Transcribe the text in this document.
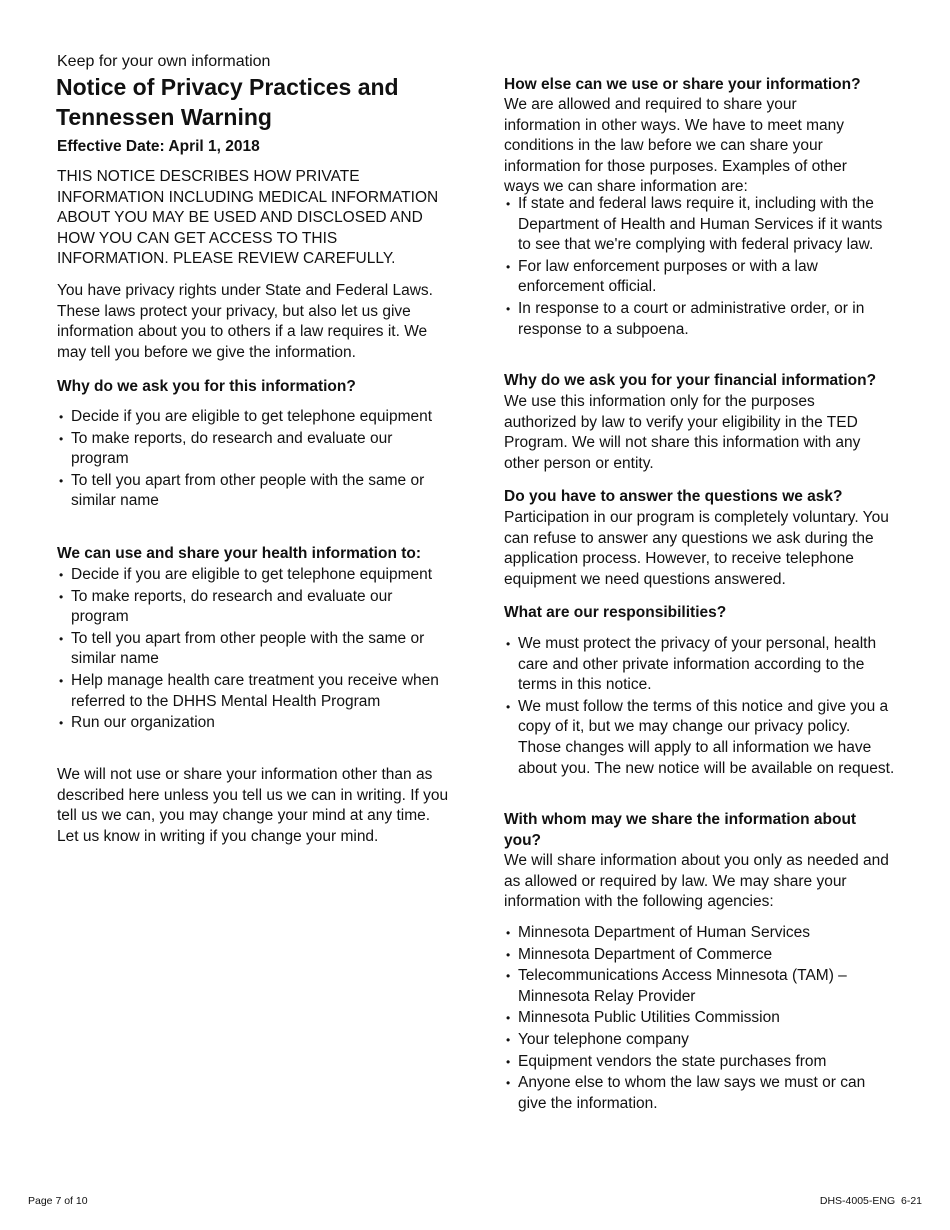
Keep for your own information
Notice of Privacy Practices and
Tennessen Warning
Effective Date: April 1, 2018

THIS NOTICE DESCRIBES HOW PRIVATE INFORMATION INCLUDING MEDICAL INFORMATION ABOUT YOU MAY BE USED AND DISCLOSED AND HOW YOU CAN GET ACCESS TO THIS INFORMATION. PLEASE REVIEW CAREFULLY.

You have privacy rights under State and Federal Laws. These laws protect your privacy, but also let us give information about you to others if a law requires it. We may tell you before we give the information.

Why do we ask you for this information?
• Decide if you are eligible to get telephone equipment
• To make reports, do research and evaluate our program
• To tell you apart from other people with the same or similar name
We can use and share your health information to:
• Decide if you are eligible to get telephone equipment
• To make reports, do research and evaluate our program
• To tell you apart from other people with the same or similar name
• Help manage health care treatment you receive when referred to the DHHS Mental Health Program
• Run our organization

We will not use or share your information other than as described here unless you tell us we can in writing. If you tell us we can, you may change your mind at any time. Let us know in writing if you change your mind.

How else can we use or share your information?

We are allowed and required to share your information in other ways. We have to meet many conditions in the law before we can share your information for those purposes. Examples of other ways we can share information are:

• If state and federal laws require it, including with the Department of Health and Human Services if it wants to see that we're complying with federal privacy law.
• For law enforcement purposes or with a law enforcement official.
• In response to a court or administrative order, or in response to a subpoena.
Why do we ask you for your financial information?

We use this information only for the purposes authorized by law to verify your eligibility in the TED Program. We will not share this information with any other person or entity.

Do you have to answer the questions we ask?

Participation in our program is completely voluntary. You can refuse to answer any questions we ask during the application process. However, to receive telephone equipment we need questions answered.

What are our responsibilities?
• We must protect the privacy of your personal, health care and other private information according to the terms in this notice.
• We must follow the terms of this notice and give you a copy of it, but we may change our privacy policy. Those changes will apply to all information we have about you. The new notice will be available on request.
With whom may we share the information about you?

We will share information about you only as needed and as allowed or required by law. We may share your information with the following agencies:

• Minnesota Department of Human Services
• Minnesota Department of Commerce
• Telecommunications Access Minnesota (TAM) – Minnesota Relay Provider
• Minnesota Public Utilities Commission
• Your telephone company
• Equipment vendors the state purchases from
• Anyone else to whom the law says we must or can give the information.
Page 7 of 10	DHS-4005-ENG  6-21
